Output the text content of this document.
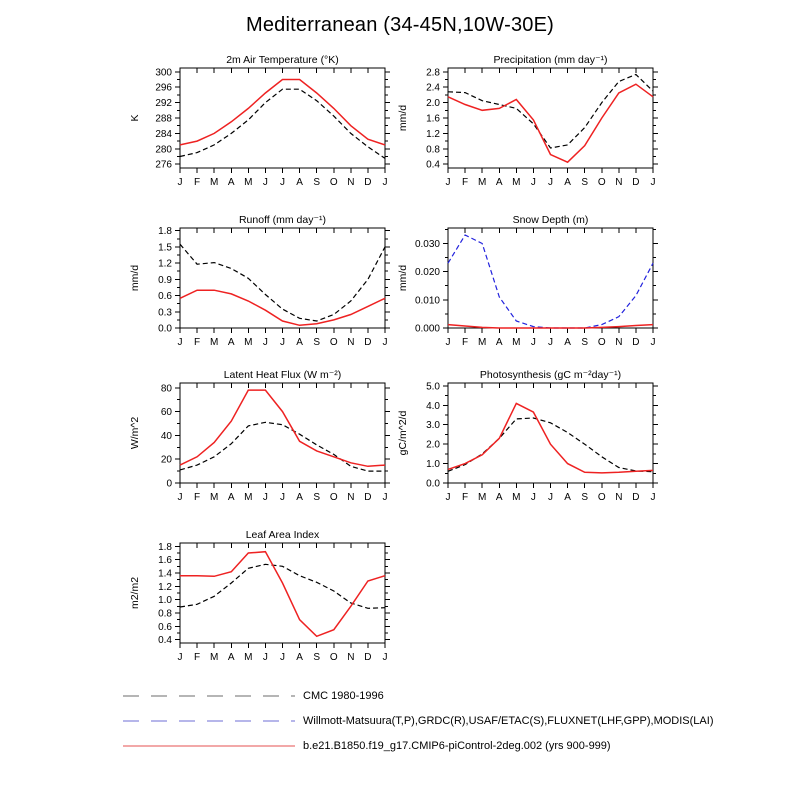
Mediterranean (34-45N,10W-30E)
J F M A M J J A S O N D J
276
280
284
288
292
296
300
2m Air Temperature (°K)
K
J F M A M J J A S O N D J
0.4
0.8
1.2
1.6
2.0
2.4
2.8
Precipitation (mm day⁻¹)
mm/d
J F M A M J J A S O N D J
0.0
0.3
0.6
0.9
1.2
1.5
1.8
Runoff (mm day⁻¹)
mm/d
J F M A M J J A S O N D J
0.000
0.010
0.020
0.030
Snow Depth (m)
mm/d
J F M A M J J A S O N D J
0
20
40
60
80
Latent Heat Flux (W m⁻²)
W/m^2
J F M A M J J A S O N D J
0.0
1.0
2.0
3.0
4.0
5.0
Photosynthesis (gC m⁻²day⁻¹)
gC/m^2/d
J F M A M J J A S O N D J
0.4
0.6
0.8
1.0
1.2
1.4
1.6
1.8
Leaf Area Index
m2/m2
CMC 1980-1996
Willmott-Matsuura(T,P),GRDC(R),USAF/ETAC(S),FLUXNET(LHF,GPP),MODIS(LAI)
b.e21.B1850.f19_g17.CMIP6-piControl-2deg.002 (yrs 900-999)
